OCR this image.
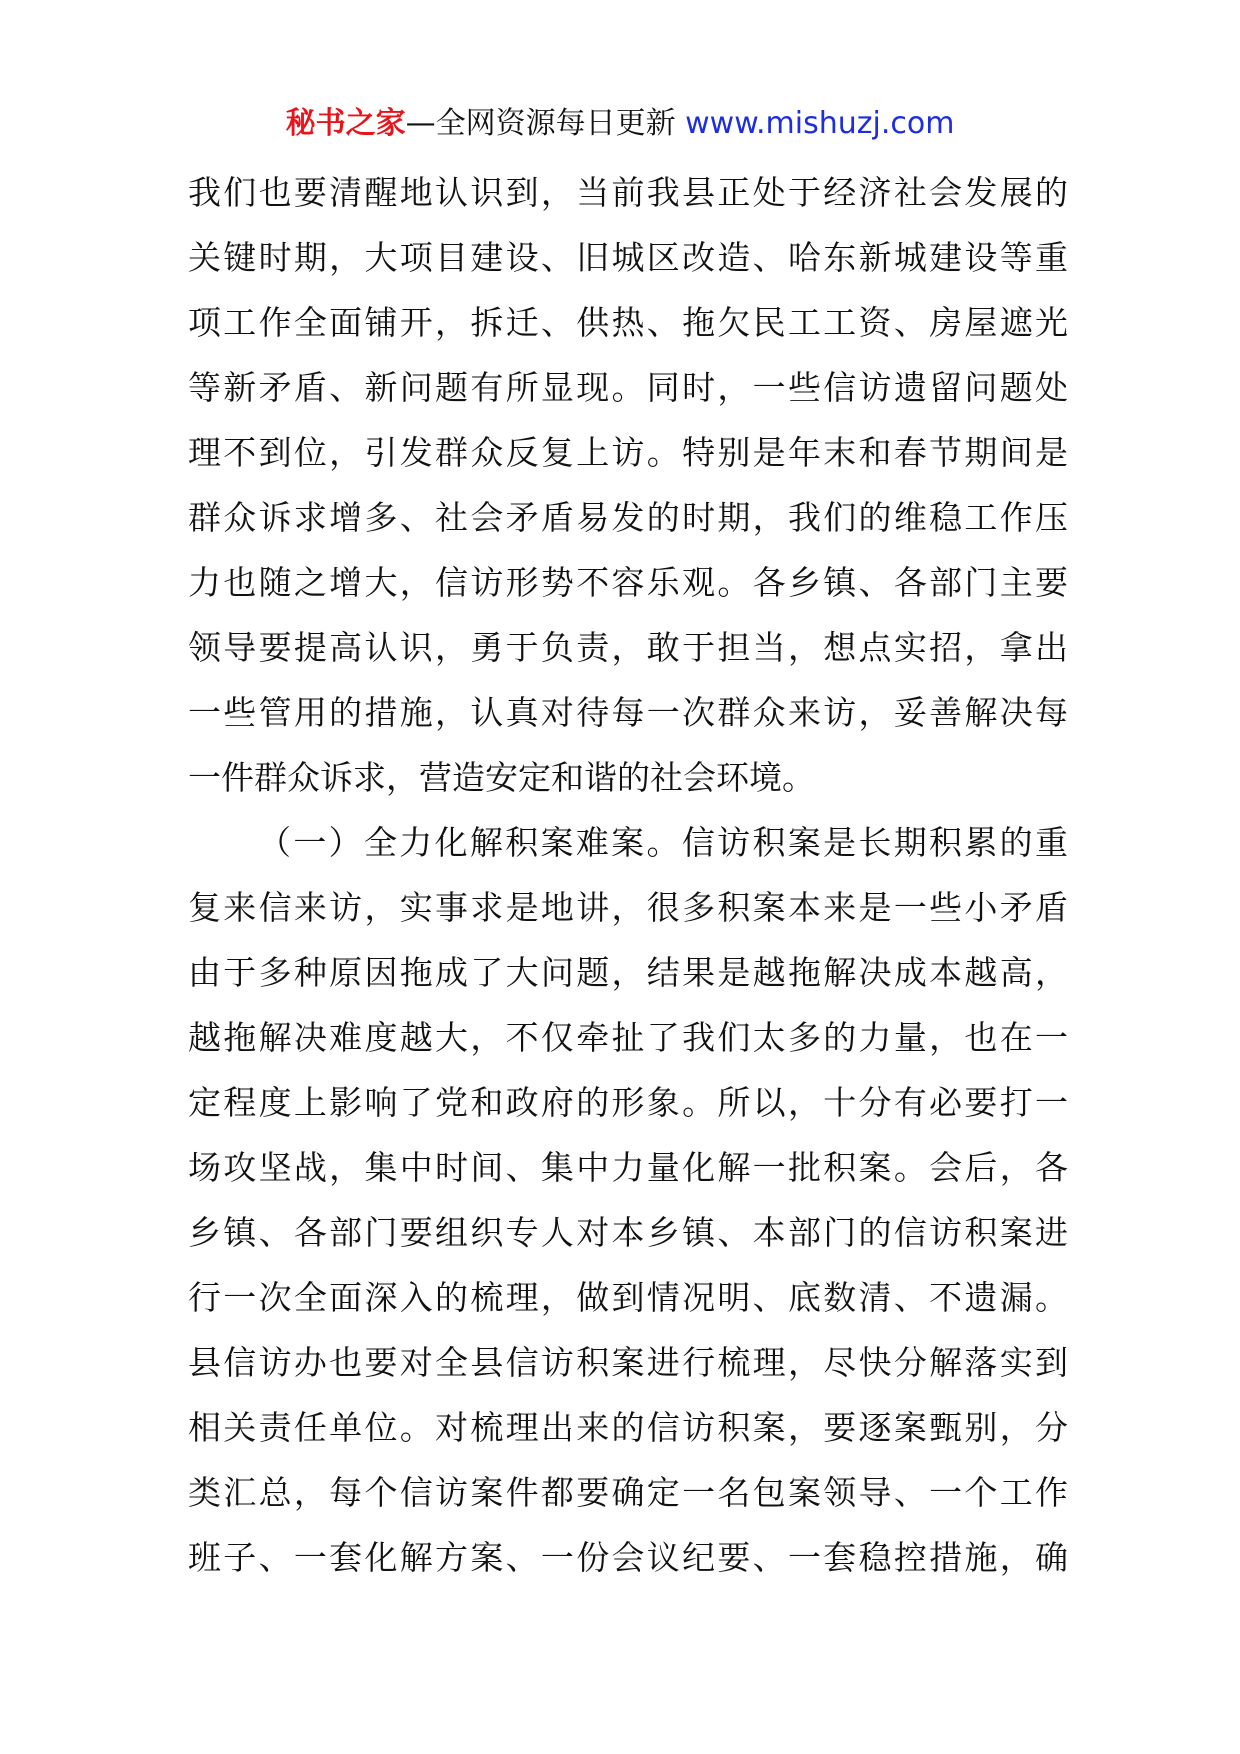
秘书之家—全网资源每日更新 www.mishuzj.com
我们也要清醒地认识到，当前我县正处于经济社会发展的
关键时期，大项目建设、旧城区改造、哈东新城建设等重
项工作全面铺开，拆迁、供热、拖欠民工工资、房屋遮光
等新矛盾、新问题有所显现。同时，一些信访遗留问题处
理不到位，引发群众反复上访。特别是年末和春节期间是
群众诉求增多、社会矛盾易发的时期，我们的维稳工作压
力也随之增大，信访形势不容乐观。各乡镇、各部门主要
领导要提高认识，勇于负责，敢于担当，想点实招，拿出
一些管用的措施，认真对待每一次群众来访，妥善解决每
一件群众诉求，营造安定和谐的社会环境。
（一）全力化解积案难案。信访积案是长期积累的重
复来信来访，实事求是地讲，很多积案本来是一些小矛盾
由于多种原因拖成了大问题，结果是越拖解决成本越高，
越拖解决难度越大，不仅牵扯了我们太多的力量，也在一
定程度上影响了党和政府的形象。所以，十分有必要打一
场攻坚战，集中时间、集中力量化解一批积案。会后，各
乡镇、各部门要组织专人对本乡镇、本部门的信访积案进
行一次全面深入的梳理，做到情况明、底数清、不遗漏。
县信访办也要对全县信访积案进行梳理，尽快分解落实到
相关责任单位。对梳理出来的信访积案，要逐案甄别，分
类汇总，每个信访案件都要确定一名包案领导、一个工作
班子、一套化解方案、一份会议纪要、一套稳控措施，确
